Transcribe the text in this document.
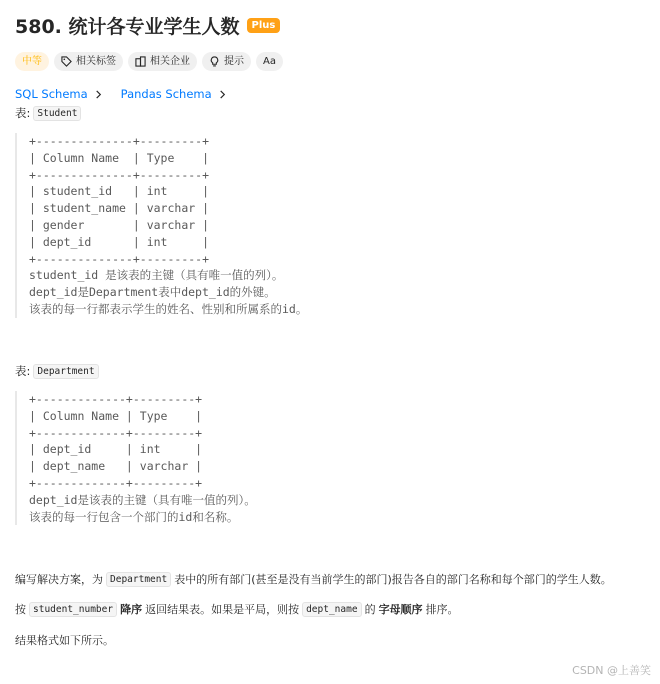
580. 统计各专业学生人数	Plus
中等	相关标签	相关企业	提示 Aa
SQL Schema	Pandas Schema
表: Student
+--------------+---------+
| Column Name  | Type    |
+--------------+---------+
| student_id   | int     |
| student_name | varchar |
| gender       | varchar |
| dept_id      | int     |
+--------------+---------+
student_id 是该表的主键（具有唯一值的列）。
dept_id是Department表中dept_id的外键。
该表的每一行都表示学生的姓名、性别和所属系的id。
表: Department
+-------------+---------+
| Column Name | Type    |
+-------------+---------+
| dept_id     | int     |
| dept_name   | varchar |
+-------------+---------+
dept_id是该表的主键（具有唯一值的列）。
该表的每一行包含一个部门的id和名称。
编写解决方案，为 Department 表中的所有部门(甚至是没有当前学生的部门)报告各自的部门名称和每个部门的学生人数。
按 student_number 降序 返回结果表。如果是平局，则按 dept_name 的 字母顺序 排序。
结果格式如下所示。
CSDN @上善笑
